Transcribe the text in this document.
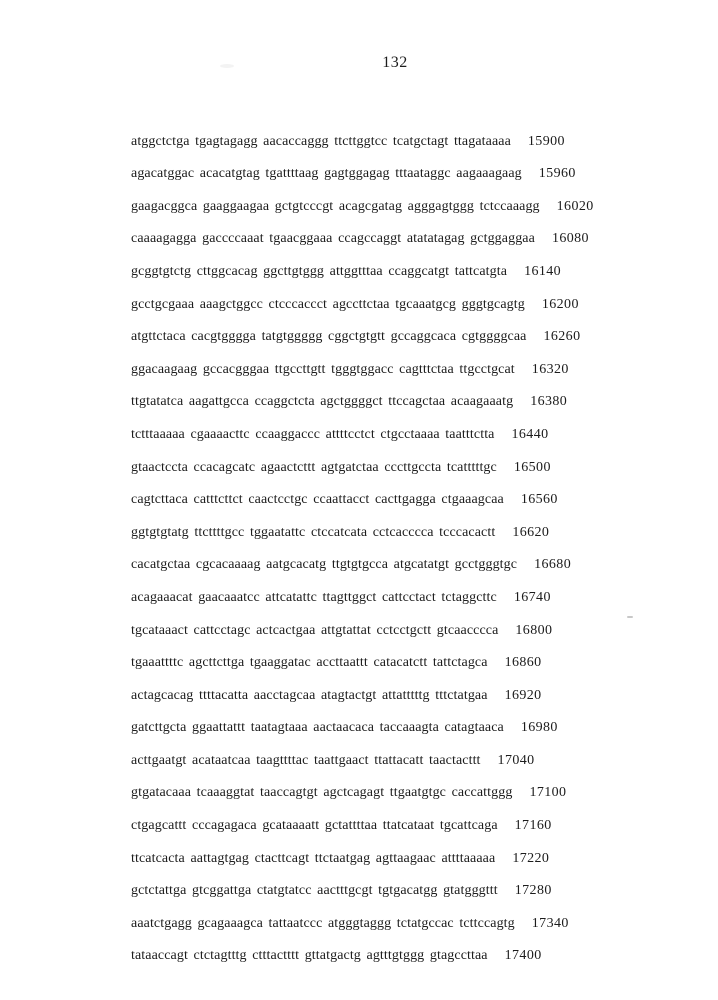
132

atggctctga tgagtagagg aacaccaggg ttcttggtcc tcatgctagt ttagataaaa 15900

agacatggac acacatgtag tgattttaag gagtggagag tttaataggc aagaaagaag 15960

gaagacggca gaaggaagaa gctgtcccgt acagcgatag agggagtggg tctccaaagg 16020

caaaagagga gaccccaaat tgaacggaaa ccagccaggt atatatagag gctggaggaa 16080

gcggtgtctg cttggcacag ggcttgtggg attggtttaa ccaggcatgt tattcatgta 16140

gcctgcgaaa aaagctggcc ctcccaccct agccttctaa tgcaaatgcg gggtgcagtg 16200

atgttctaca cacgtgggga tatgtggggg cggctgtgtt gccaggcaca cgtggggcaa 16260

ggacaagaag gccacgggaa ttgccttgtt tgggtggacc cagtttctaa ttgcctgcat 16320

ttgtatatca aagattgcca ccaggctcta agctggggct ttccagctaa acaagaaatg 16380

tctttaaaaa cgaaaacttc ccaaggaccc attttcctct ctgcctaaaa taatttctta 16440

gtaactccta ccacagcatc agaactcttt agtgatctaa cccttgccta tcatttttgc 16500

cagtcttaca catttcttct caactcctgc ccaattacct cacttgagga ctgaaagcaa 16560

ggtgtgtatg ttcttttgcc tggaatattc ctccatcata cctcacccca tcccacactt 16620

cacatgctaa cgcacaaaag aatgcacatg ttgtgtgcca atgcatatgt gcctgggtgc 16680

acagaaacat gaacaaatcc attcatattc ttagttggct cattcctact tctaggcttc 16740

tgcataaact cattcctagc actcactgaa attgtattat cctcctgctt gtcaacccca 16800

tgaaattttc agcttcttga tgaaggatac accttaattt catacatctt tattctagca 16860

actagcacag ttttacatta aacctagcaa atagtactgt attatttttg tttctatgaa 16920

gatcttgcta ggaattattt taatagtaaa aactaacaca taccaaagta catagtaaca 16980

acttgaatgt acataatcaa taagttttac taattgaact ttattacatt taactacttt 17040

gtgatacaaa tcaaaggtat taaccagtgt agctcagagt ttgaatgtgc caccattggg 17100

ctgagcattt cccagagaca gcataaaatt gctattttaa ttatcataat tgcattcaga 17160

ttcatcacta aattagtgag ctacttcagt ttctaatgag agttaagaac attttaaaaa 17220

gctctattga gtcggattga ctatgtatcc aactttgcgt tgtgacatgg gtatgggttt 17280

aaatctgagg gcagaaagca tattaatccc atgggtaggg tctatgccac tcttccagtg 17340

tataaccagt ctctagtttg ctttactttt gttatgactg agtttgtggg gtagccttaa 17400
